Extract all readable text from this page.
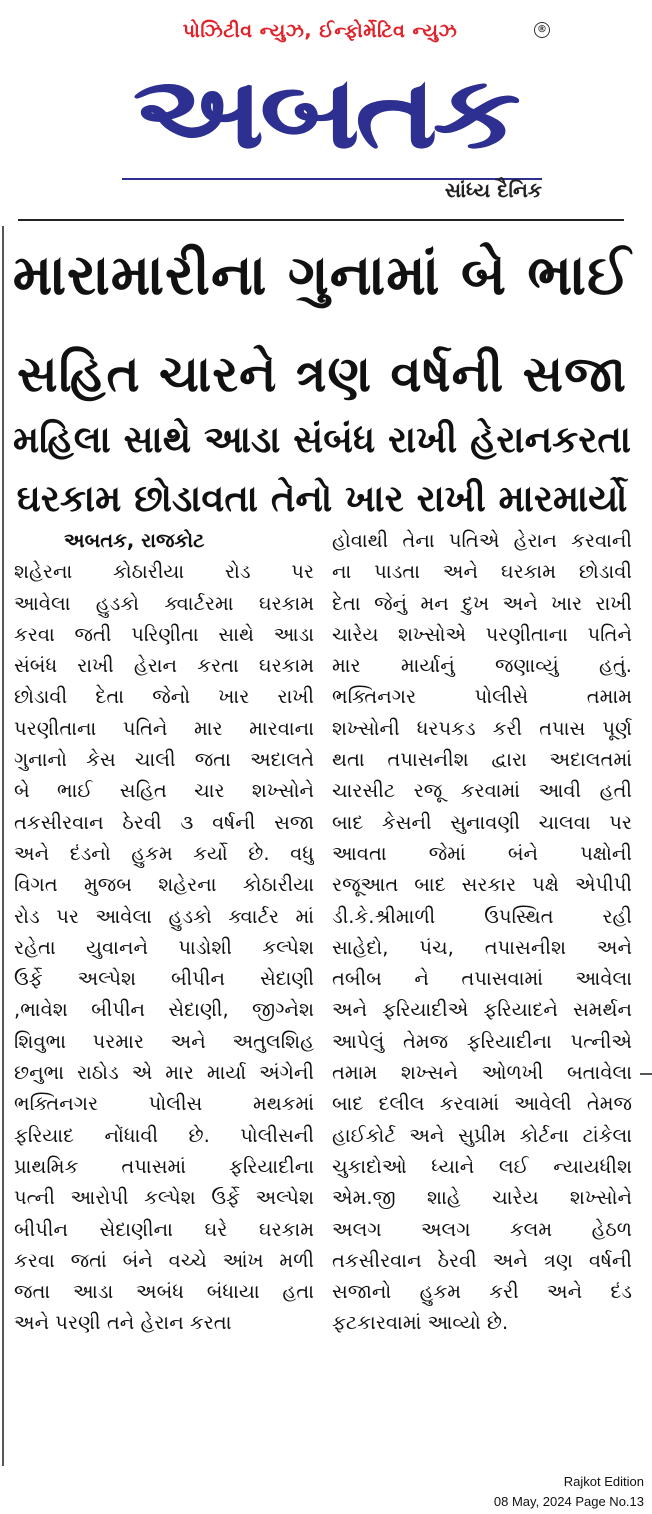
પોઝિટીવ ન્યુઝ, ઈન્ફોર્મેટિવ ન્યુઝ	®
અબતક
સાંધ્ય દૈનિક
મારામારીના ગુનામાં બે ભાઈ
સહિત ચારને ત્રણ વર્ષની સજા
મહિલા સાથે આડા સંબંધ રાખી હેરાનકરતા
ઘરકામ છોડાવતા તેનો ખાર રાખી મારમાર્યો
અબતક, રાજકોટ
શહેરના કોઠારીયા રોડ પર
આવેલા હુડકો ક્વાર્ટરમા ઘરકામ
કરવા જતી પરિણીતા સાથે આડા
સંબંધ રાખી હેરાન કરતા ઘરકામ
છોડાવી દેતા જેનો ખાર રાખી
પરણીતાના પતિને માર મારવાના
ગુનાનો કેસ ચાલી જતા અદાલતે
બે ભાઈ સહિત ચાર શખ્સોને
તકસીરવાન ઠેરવી ૩ વર્ષની સજા
અને દંડનો હુકમ કર્યો છે. વધુ
વિગત મુજબ શહેરના કોઠારીયા
રોડ પર આવેલા હુડકો ક્વાર્ટર માં
રહેતા યુવાનને પાડોશી કલ્પેશ
ઉર્ફે અલ્પેશ બીપીન સેદાણી
,ભાવેશ બીપીન સેદાણી, જીગ્નેશ
શિવુભા પરમાર અને અતુલશિહ
છનુભા રાઠોડ એ માર માર્યા અંગેની
ભક્તિનગર પોલીસ મથકમાં
ફરિયાદ નોંધાવી છે. પોલીસની
પ્રાથમિક તપાસમાં ફરિયાદીના
પત્ની આરોપી કલ્પેશ ઉર્ફે અલ્પેશ
બીપીન સેદાણીના ઘરે ઘરકામ
કરવા જતાં બંને વચ્ચે આંખ મળી
જતા આડા અબંધ બંધાયા હતા
અને પરણી તને હેરાન કરતા
હોવાથી તેના પતિએ હેરાન કરવાની
ના પાડતા અને ઘરકામ છોડાવી
દેતા જેનું મન દુખ અને ખાર રાખી
ચારેય શખ્સોએ પરણીતાના પતિને
માર માર્યાનું જણાવ્યું હતું.
ભક્તિનગર પોલીસે તમામ
શખ્સોની ધરપકડ કરી તપાસ પૂર્ણ
થતા તપાસનીશ દ્વારા અદાલતમાં
ચારસીટ રજૂ કરવામાં આવી હતી
બાદ કેસની સુનાવણી ચાલવા પર
આવતા જેમાં બંને પક્ષોની
રજૂઆત બાદ સરકાર પક્ષે એપીપી
ડી.કે.શ્રીમાળી ઉપસ્થિત રહી
સાહેદો, પંચ, તપાસનીશ અને
તબીબ ને તપાસવામાં આવેલા
અને ફરિયાદીએ ફરિયાદને સમર્થન
આપેલું તેમજ ફરિયાદીના પત્નીએ
તમામ શખ્સને ઓળખી બતાવેલા
બાદ દલીલ કરવામાં આવેલી તેમજ
હાઈકોર્ટ અને સુપ્રીમ કોર્ટના ટાંકેલા
ચુકાદોઓ ધ્યાને લઈ ન્યાયધીશ
એમ.જી શાહે ચારેય શખ્સોને
અલગ અલગ કલમ હેઠળ
તકસીરવાન ઠેરવી અને ત્રણ વર્ષની
સજાનો હુકમ કરી અને દંડ
ફટકારવામાં આવ્યો છે.
Rajkot Edition
08 May, 2024 Page No.13
